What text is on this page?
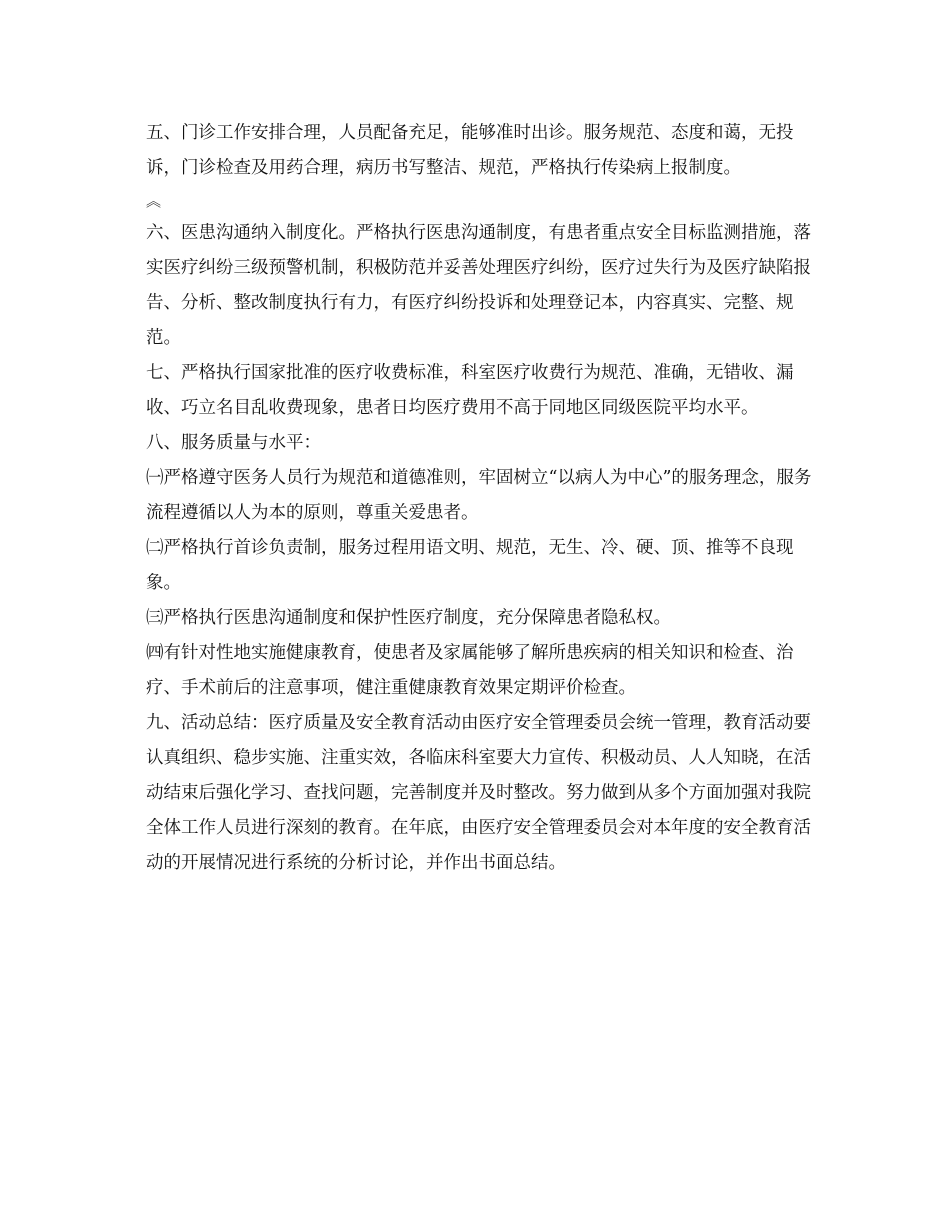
五、门诊工作安排合理，人员配备充足，能够准时出诊。服务规范、态度和蔼，无投诉，门诊检查及用药合理，病历书写整洁、规范，严格执行传染病上报制度。

︽

六、医患沟通纳入制度化。严格执行医患沟通制度，有患者重点安全目标监测措施，落实医疗纠纷三级预警机制，积极防范并妥善处理医疗纠纷，医疗过失行为及医疗缺陷报告、分析、整改制度执行有力，有医疗纠纷投诉和处理登记本，内容真实、完整、规范。

七、严格执行国家批准的医疗收费标准，科室医疗收费行为规范、准确，无错收、漏收、巧立名目乱收费现象，患者日均医疗费用不高于同地区同级医院平均水平。

八、服务质量与水平：

㈠严格遵守医务人员行为规范和道德准则，牢固树立“以病人为中心”的服务理念，服务流程遵循以人为本的原则，尊重关爱患者。

㈡严格执行首诊负责制，服务过程用语文明、规范，无生、冷、硬、顶、推等不良现象。

㈢严格执行医患沟通制度和保护性医疗制度，充分保障患者隐私权。

㈣有针对性地实施健康教育，使患者及家属能够了解所患疾病的相关知识和检查、治疗、手术前后的注意事项，健注重健康教育效果定期评价检查。

九、活动总结：医疗质量及安全教育活动由医疗安全管理委员会统一管理，教育活动要认真组织、稳步实施、注重实效，各临床科室要大力宣传、积极动员、人人知晓，在活动结束后强化学习、查找问题，完善制度并及时整改。努力做到从多个方面加强对我院全体工作人员进行深刻的教育。在年底，由医疗安全管理委员会对本年度的安全教育活动的开展情况进行系统的分析讨论，并作出书面总结。
